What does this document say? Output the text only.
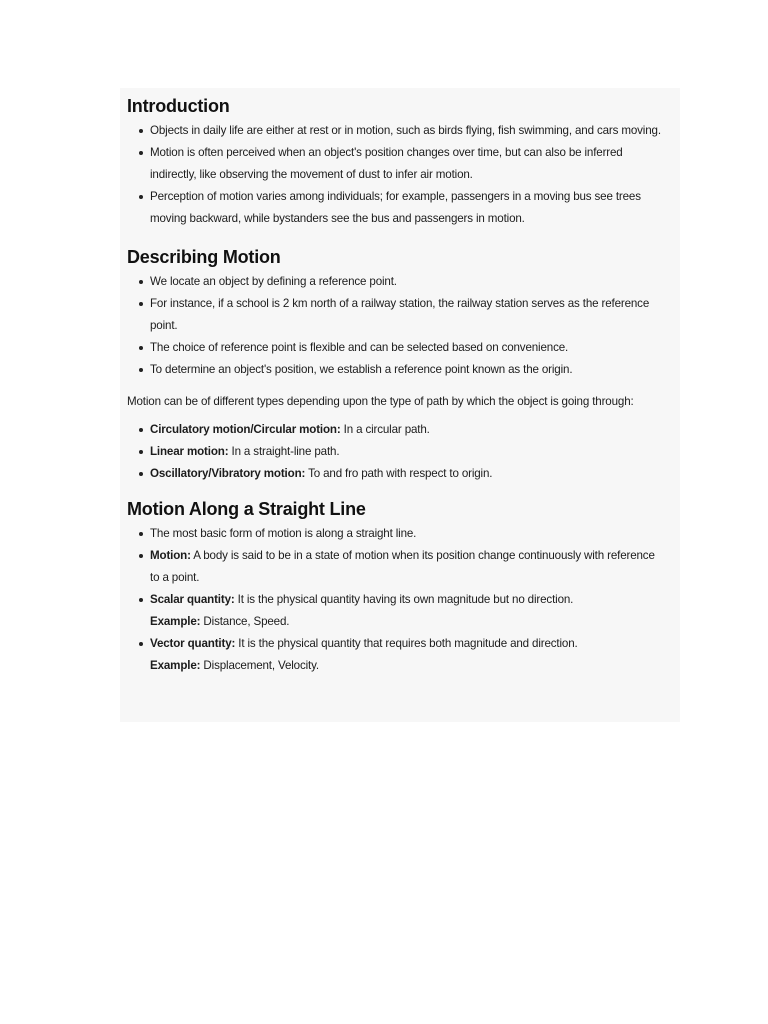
Introduction
Objects in daily life are either at rest or in motion, such as birds flying, fish swimming, and cars moving.
Motion is often perceived when an object's position changes over time, but can also be inferred indirectly, like observing the movement of dust to infer air motion.
Perception of motion varies among individuals; for example, passengers in a moving bus see trees moving backward, while bystanders see the bus and passengers in motion.
Describing Motion
We locate an object by defining a reference point.
For instance, if a school is 2 km north of a railway station, the railway station serves as the reference point.
The choice of reference point is flexible and can be selected based on convenience.
To determine an object's position, we establish a reference point known as the origin.

Motion can be of different types depending upon the type of path by which the object is going through:

Circulatory motion/Circular motion: In a circular path.
Linear motion: In a straight-line path.
Oscillatory/Vibratory motion: To and fro path with respect to origin.
Motion Along a Straight Line
The most basic form of motion is along a straight line.
Motion: A body is said to be in a state of motion when its position change continuously with reference to a point.
Scalar quantity: It is the physical quantity having its own magnitude but no direction.
Example: Distance, Speed.
Vector quantity: It is the physical quantity that requires both magnitude and direction.
Example: Displacement, Velocity.
